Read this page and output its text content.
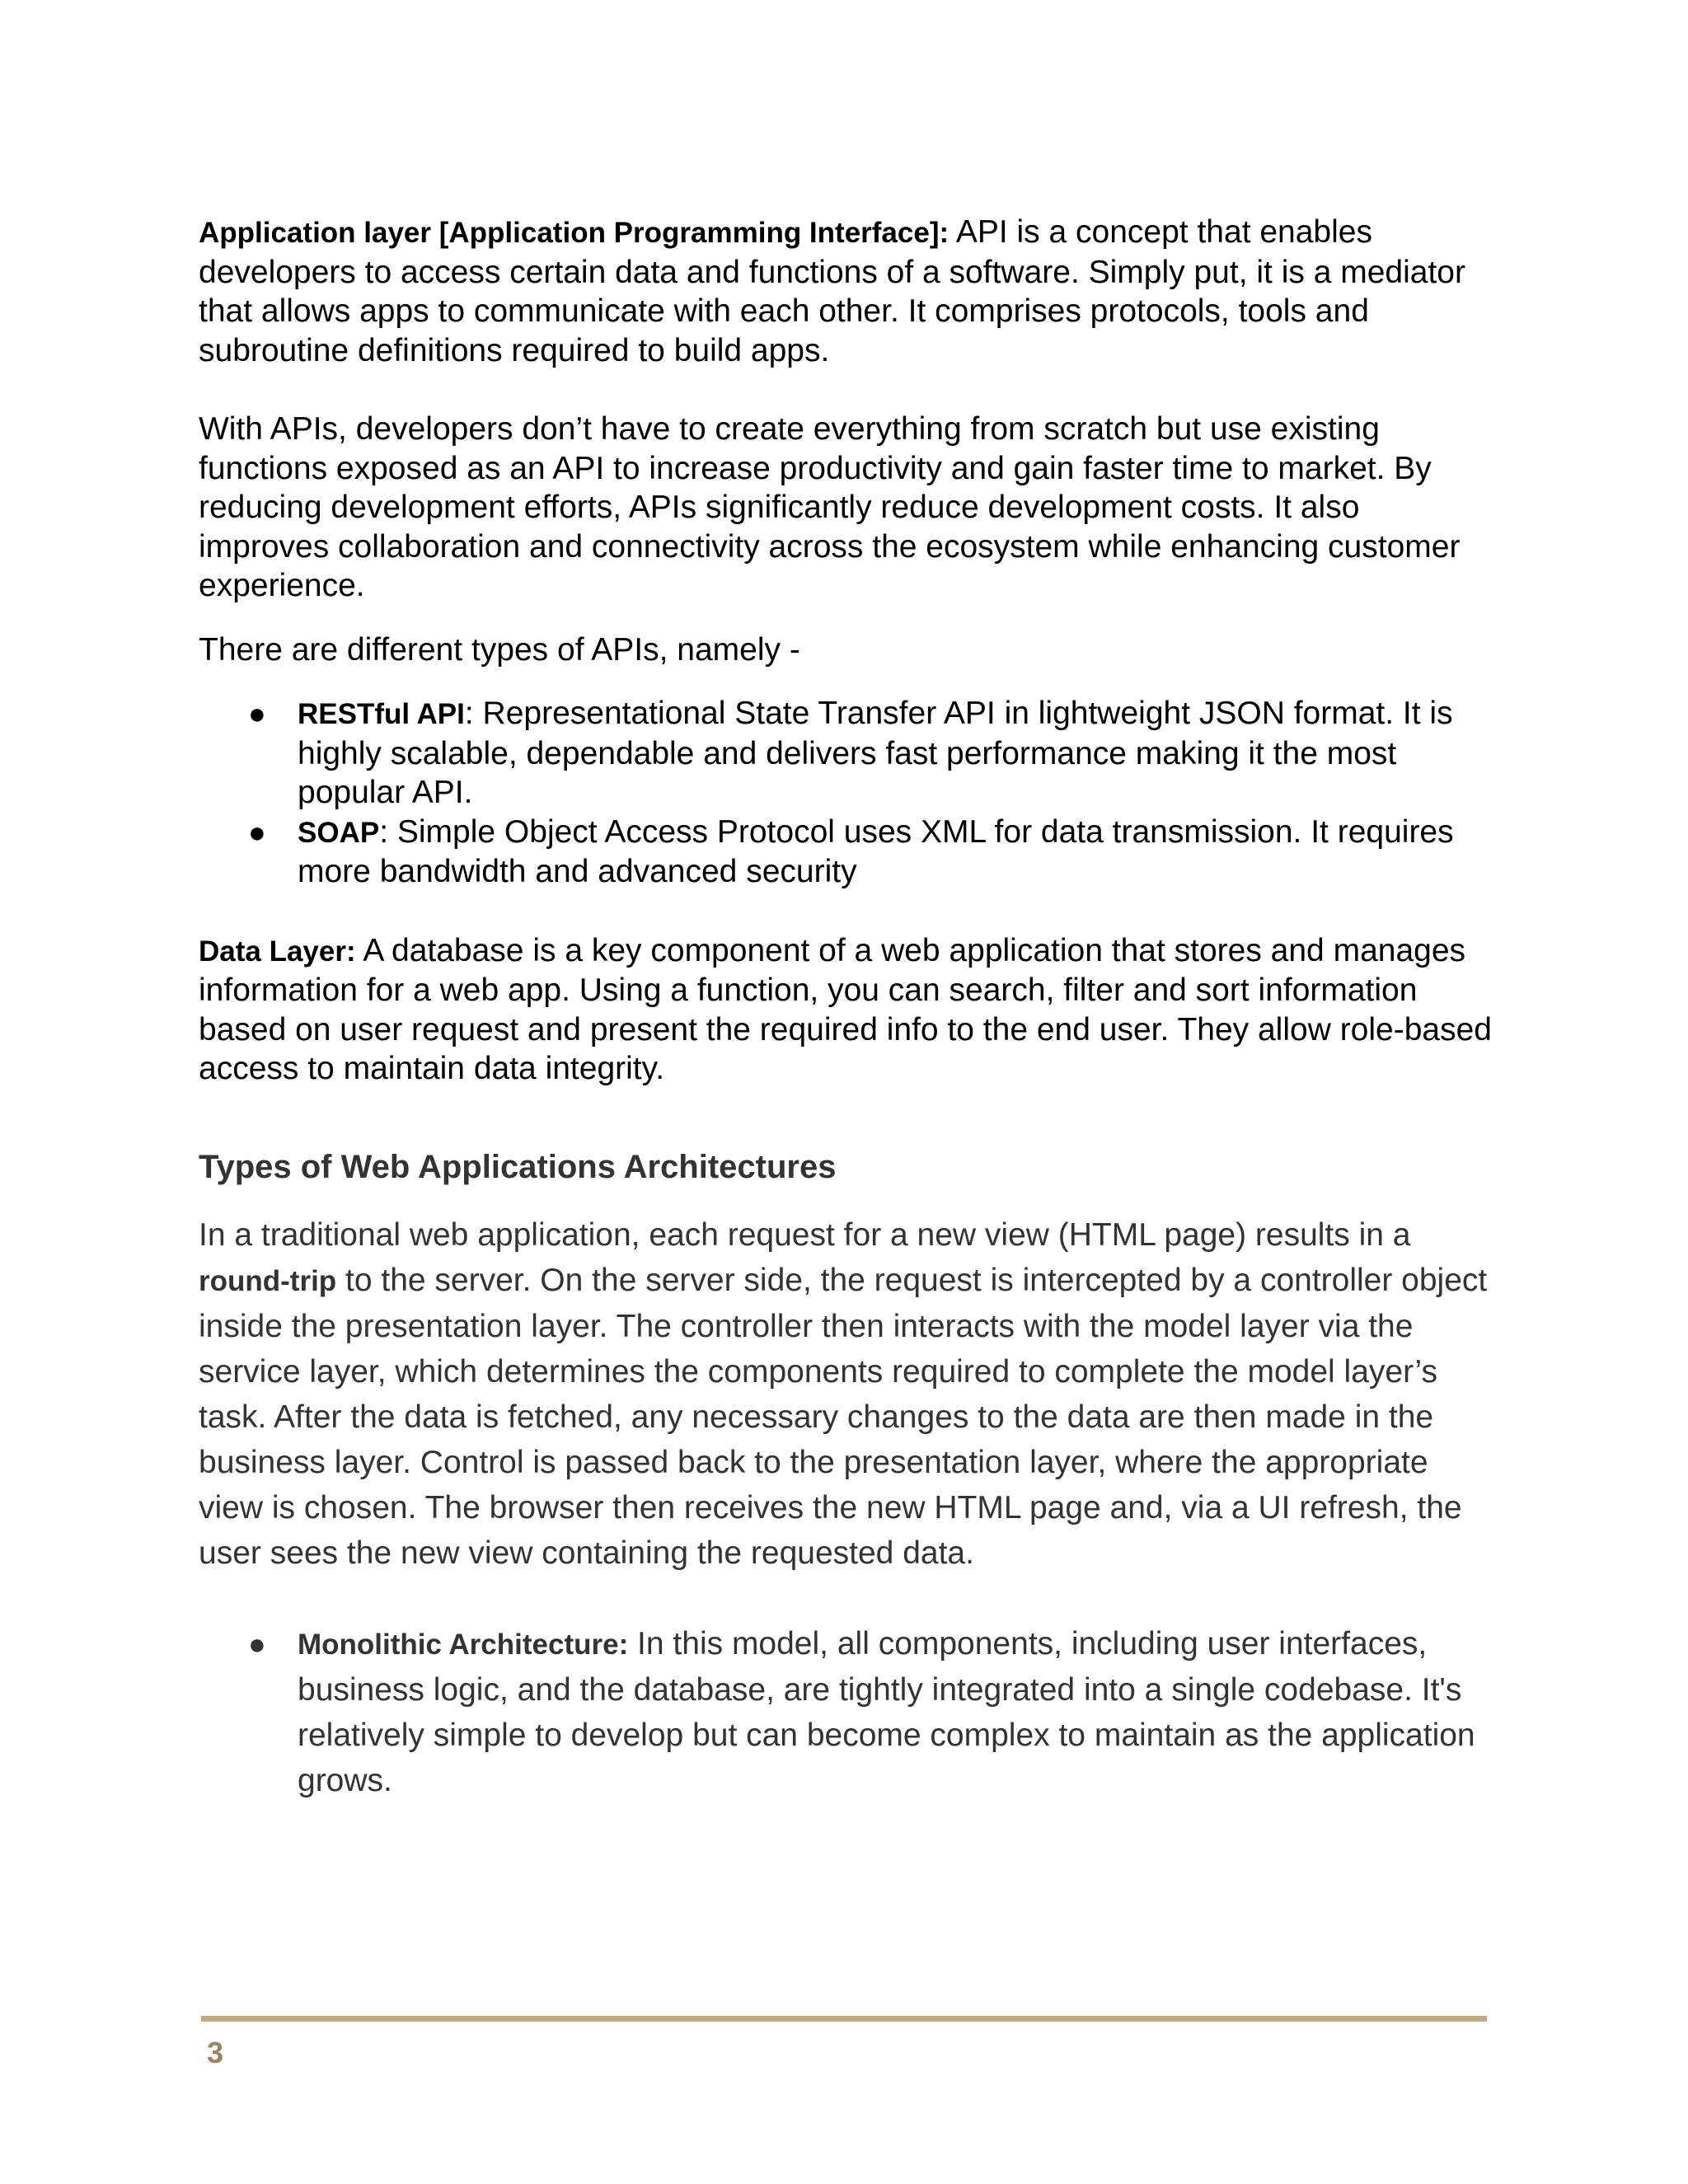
Application layer [Application Programming Interface]: API is a concept that enables developers to access certain data and functions of a software. Simply put, it is a mediator that allows apps to communicate with each other. It comprises protocols, tools and subroutine definitions required to build apps.

With APIs, developers don’t have to create everything from scratch but use existing functions exposed as an API to increase productivity and gain faster time to market. By reducing development efforts, APIs significantly reduce development costs. It also improves collaboration and connectivity across the ecosystem while enhancing customer experience.

There are different types of APIs, namely -

● RESTful API: Representational State Transfer API in lightweight JSON format. It is highly scalable, dependable and delivers fast performance making it the most popular API.
● SOAP: Simple Object Access Protocol uses XML for data transmission. It requires more bandwidth and advanced security

Data Layer: A database is a key component of a web application that stores and manages information for a web app. Using a function, you can search, filter and sort information based on user request and present the required info to the end user. They allow role-based access to maintain data integrity.

Types of Web Applications Architectures

In a traditional web application, each request for a new view (HTML page) results in a round-trip to the server. On the server side, the request is intercepted by a controller object inside the presentation layer. The controller then interacts with the model layer via the service layer, which determines the components required to complete the model layer’s task. After the data is fetched, any necessary changes to the data are then made in the business layer. Control is passed back to the presentation layer, where the appropriate view is chosen. The browser then receives the new HTML page and, via a UI refresh, the user sees the new view containing the requested data.

● Monolithic Architecture: In this model, all components, including user interfaces, business logic, and the database, are tightly integrated into a single codebase. It's relatively simple to develop but can become complex to maintain as the application grows.
3
